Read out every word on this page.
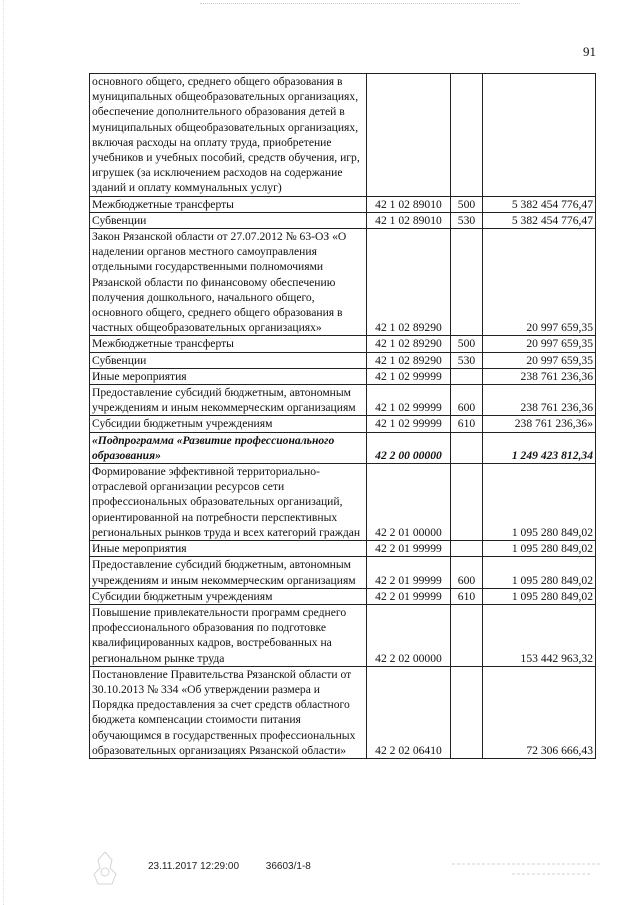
91
основного общего, среднего общего образования в муниципальных общеобразовательных организациях, обеспечение дополнительного образования детей в муниципальных общеобразовательных организациях, включая расходы на оплату труда, приобретение учебников и учебных пособий, средств обучения, игр, игрушек (за исключением расходов на содержание зданий и оплату коммунальных услуг)			
Межбюджетные трансферты	42 1 02 89010	500	5 382 454 776,47
Субвенции	42 1 02 89010	530	5 382 454 776,47
Закон Рязанской области от 27.07.2012 № 63-ОЗ «О наделении органов местного самоуправления отдельными государственными полномочиями Рязанской области по финансовому обеспечению получения дошкольного, начального общего, основного общего, среднего общего образования в частных общеобразовательных организациях»	42 1 02 89290		20 997 659,35
Межбюджетные трансферты	42 1 02 89290	500	20 997 659,35
Субвенции	42 1 02 89290	530	20 997 659,35
Иные мероприятия	42 1 02 99999		238 761 236,36
Предоставление субсидий бюджетным, автономным учреждениям и иным некоммерческим организациям	42 1 02 99999	600	238 761 236,36
Субсидии бюджетным учреждениям	42 1 02 99999	610	238 761 236,36»
«Подпрограмма «Развитие профессионального образования»	42 2 00 00000		1 249 423 812,34
Формирование эффективной территориально-отраслевой организации ресурсов сети профессиональных образовательных организаций, ориентированной на потребности перспективных региональных рынков труда и всех категорий граждан	42 2 01 00000		1 095 280 849,02
Иные мероприятия	42 2 01 99999		1 095 280 849,02
Предоставление субсидий бюджетным, автономным учреждениям и иным некоммерческим организациям	42 2 01 99999	600	1 095 280 849,02
Субсидии бюджетным учреждениям	42 2 01 99999	610	1 095 280 849,02
Повышение привлекательности программ среднего профессионального образования по подготовке квалифицированных кадров, востребованных на региональном рынке труда	42 2 02 00000		153 442 963,32
Постановление Правительства Рязанской области от 30.10.2013 № 334 «Об утверждении размера и Порядка предоставления за счет средств областного бюджета компенсации стоимости питания обучающимся в государственных профессиональных образовательных организациях Рязанской области»	42 2 02 06410		72 306 666,43
23.11.2017 12:29:00	36603/1-8
